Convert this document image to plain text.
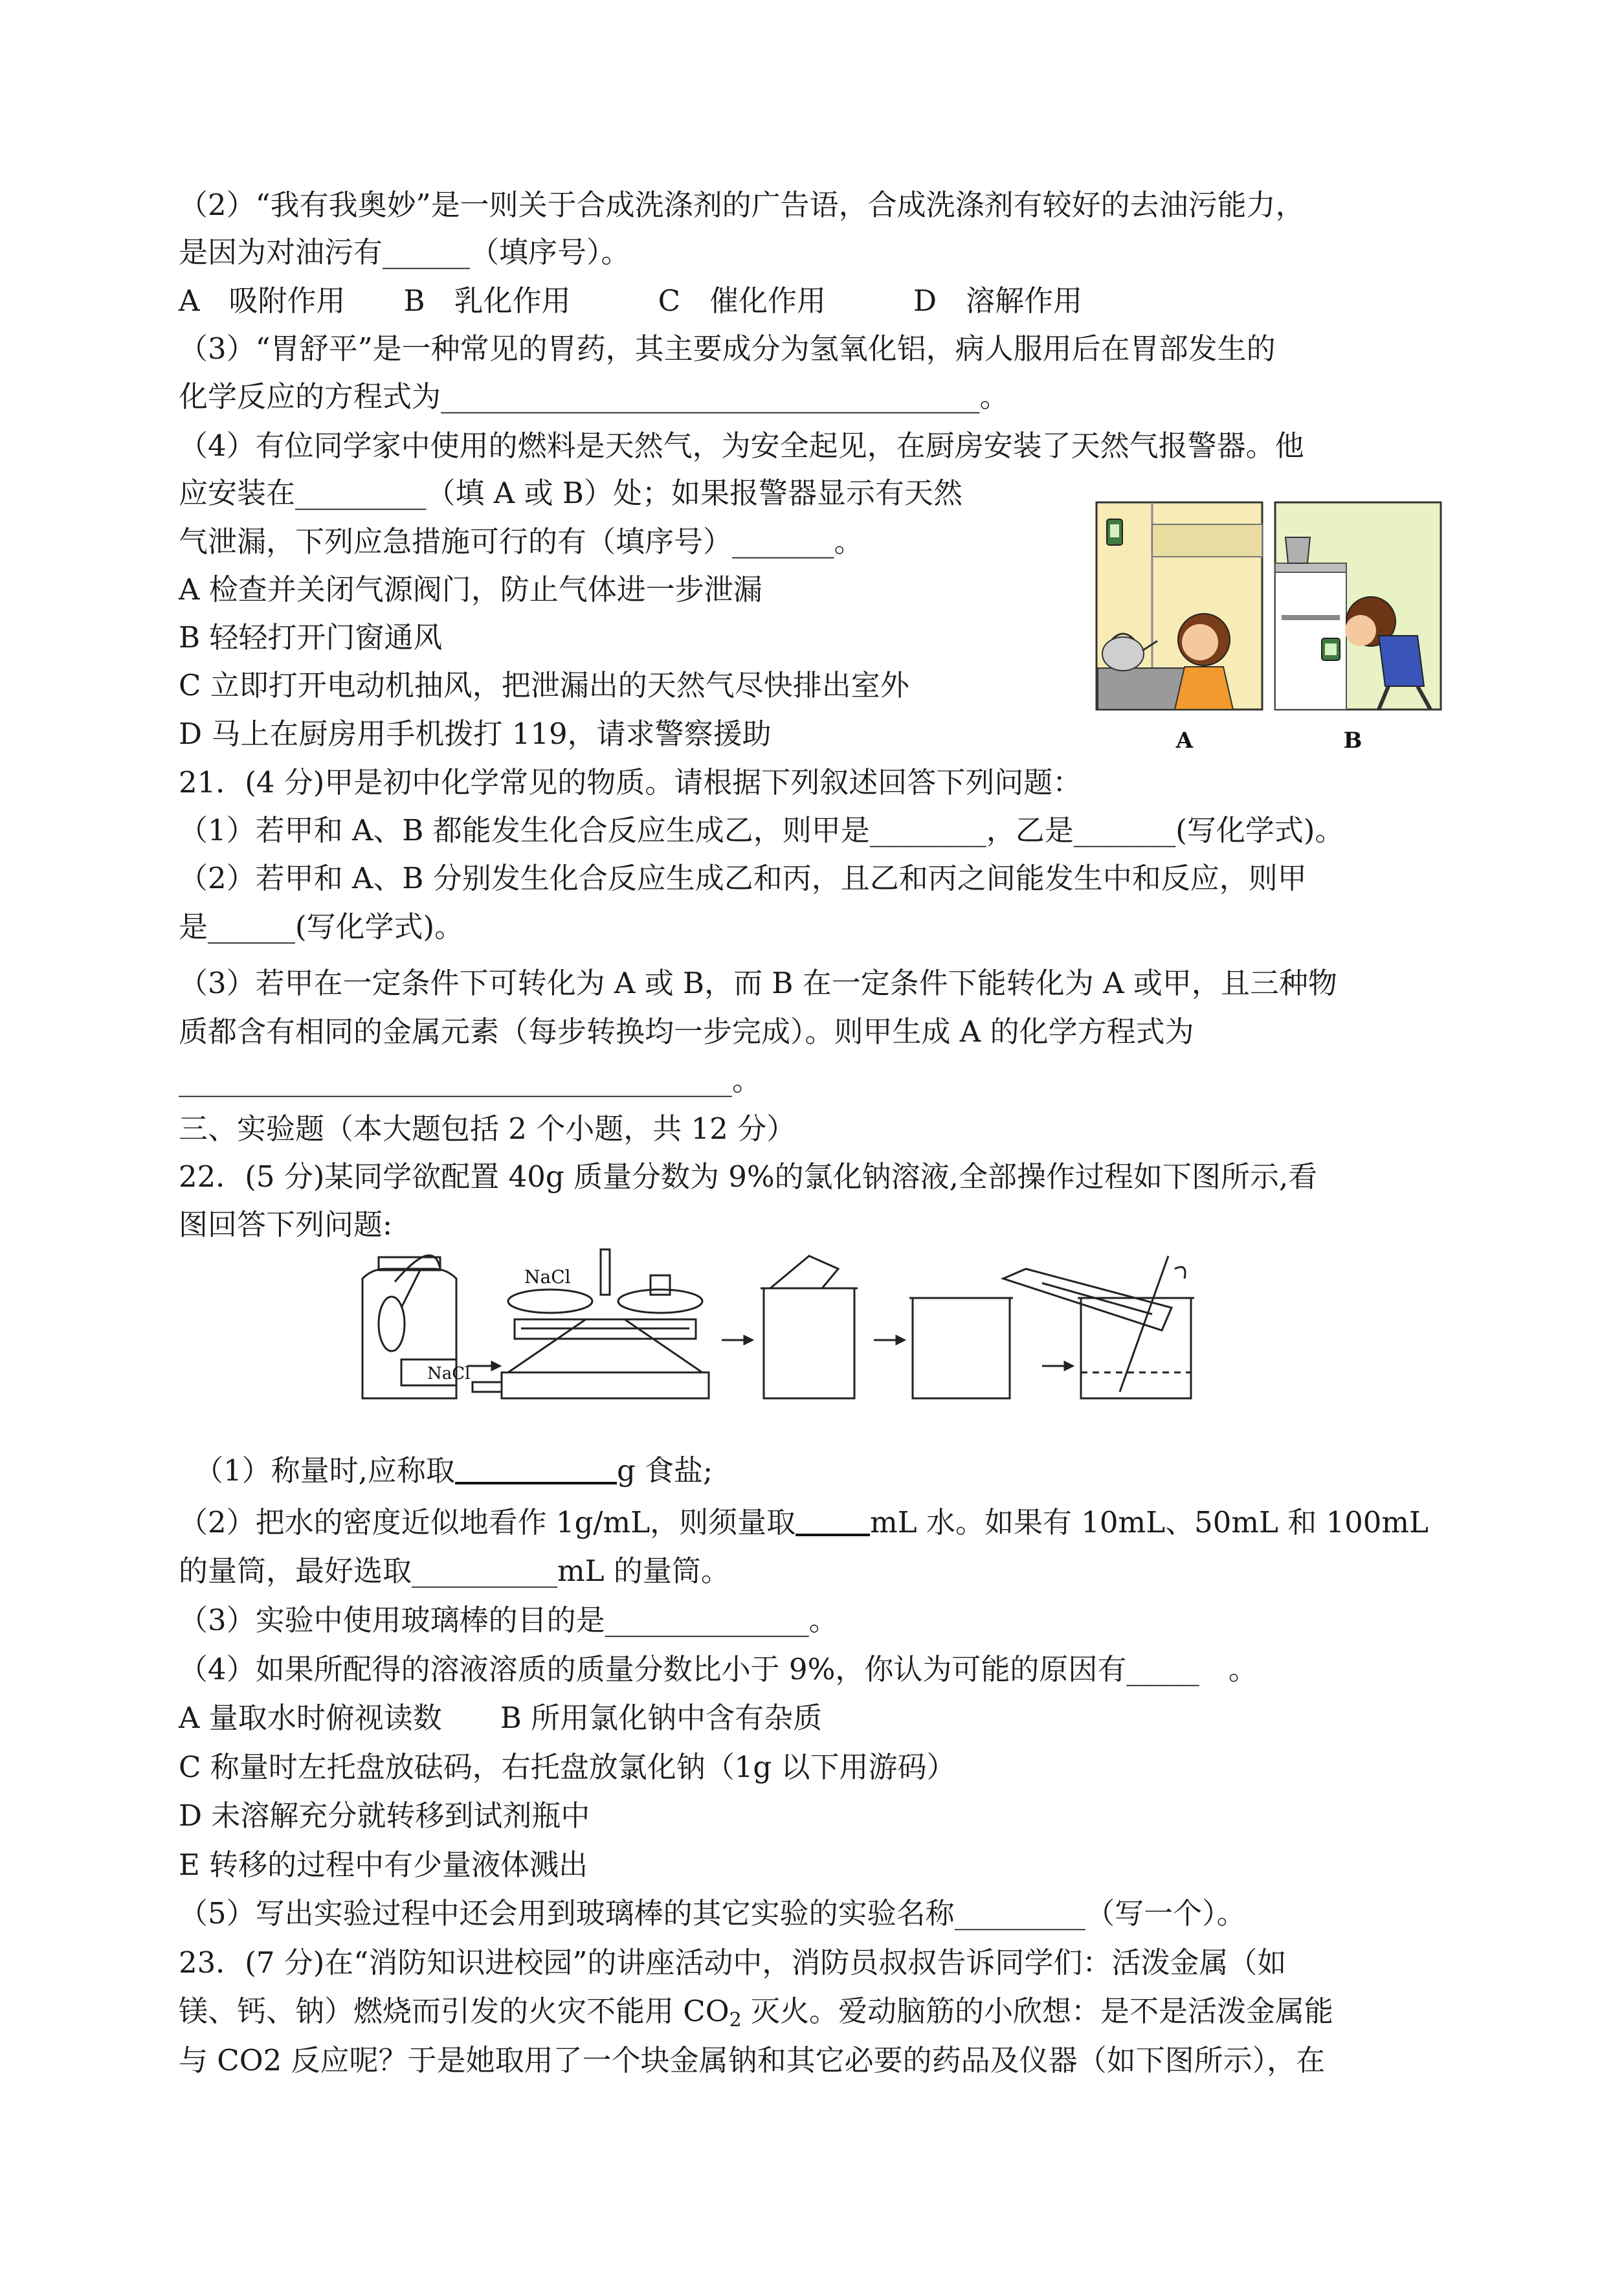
（2）“我有我奥妙”是一则关于合成洗涤剂的广告语，合成洗涤剂有较好的去油污能力，
是因为对油污有______（填序号）。
A　吸附作用　　B　乳化作用　　　C　催化作用　　　D　溶解作用
（3）“胃舒平”是一种常见的胃药，其主要成分为氢氧化铝，病人服用后在胃部发生的
化学反应的方程式为_____________________________________。
（4）有位同学家中使用的燃料是天然气，为安全起见，在厨房安装了天然气报警器。他
应安装在_________（填 A 或 B）处；如果报警器显示有天然
气泄漏，下列应急措施可行的有（填序号）_______。
A 检查并关闭气源阀门，防止气体进一步泄漏
B 轻轻打开门窗通风
C 立即打开电动机抽风，把泄漏出的天然气尽快排出室外
D 马上在厨房用手机拨打 119，请求警察援助	A	B
21．(4 分)甲是初中化学常见的物质。请根据下列叙述回答下列问题：
（1）若甲和 A、B 都能发生化合反应生成乙，则甲是________，乙是_______(写化学式)。
（2）若甲和 A、B 分别发生化合反应生成乙和丙，且乙和丙之间能发生中和反应，则甲
是______(写化学式)。
（3）若甲在一定条件下可转化为 A 或 B，而 B 在一定条件下能转化为 A 或甲，且三种物
质都含有相同的金属元素（每步转换均一步完成）。则甲生成 A 的化学方程式为
______________________________________。
三、实验题（本大题包括 2 个小题，共 12 分）
22．(5 分)某同学欲配置 40g 质量分数为 9%的氯化钠溶液,全部操作过程如下图所示,看
图回答下列问题:
NaCl
NaCl
（1）称量时,应称取	g 食盐;
（2）把水的密度近似地看作 1g/mL，则须量取	mL 水。如果有 10mL、50mL 和 100mL
的量筒，最好选取__________mL 的量筒。
（3）实验中使用玻璃棒的目的是______________。
（4）如果所配得的溶液溶质的质量分数比小于 9%，你认为可能的原因有_____　。
A 量取水时俯视读数　　B 所用氯化钠中含有杂质
C 称量时左托盘放砝码，右托盘放氯化钠（1g 以下用游码）
D 未溶解充分就转移到试剂瓶中
E 转移的过程中有少量液体溅出
（5）写出实验过程中还会用到玻璃棒的其它实验的实验名称_________（写一个）。
23．(7 分)在“消防知识进校园”的讲座活动中，消防员叔叔告诉同学们：活泼金属（如
镁、钙、钠）燃烧而引发的火灾不能用 $CO_2$ 灭火。爱动脑筋的小欣想：是不是活泼金属能
与 CO2 反应呢？于是她取用了一个块金属钠和其它必要的药品及仪器（如下图所示），在
